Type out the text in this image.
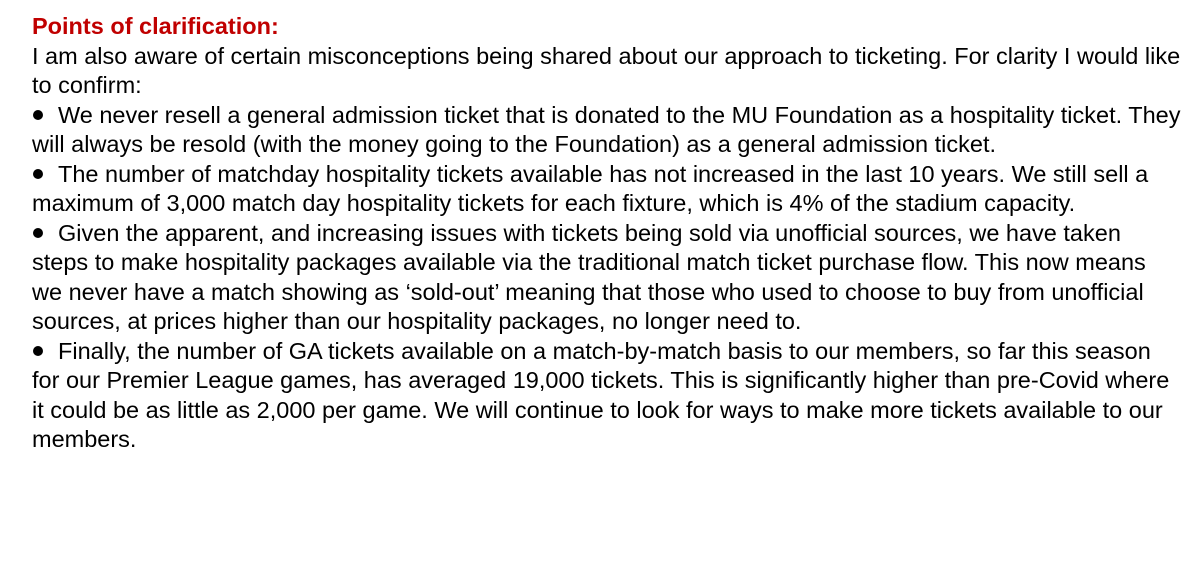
Points of clarification:

I am also aware of certain misconceptions being shared about our approach to ticketing. For clarity I would like to confirm:

We never resell a general admission ticket that is donated to the MU Foundation as a hospitality ticket. They will always be resold (with the money going to the Foundation) as a general admission ticket.
The number of matchday hospitality tickets available has not increased in the last 10 years. We still sell a maximum of 3,000 match day hospitality tickets for each fixture, which is 4% of the stadium capacity.
Given the apparent, and increasing issues with tickets being sold via unofficial sources, we have taken steps to make hospitality packages available via the traditional match ticket purchase flow. This now means we never have a match showing as ‘sold-out’ meaning that those who used to choose to buy from unofficial sources, at prices higher than our hospitality packages, no longer need to.
Finally, the number of GA tickets available on a match-by-match basis to our members, so far this season for our Premier League games, has averaged 19,000 tickets. This is significantly higher than pre-Covid where it could be as little as 2,000 per game. We will continue to look for ways to make more tickets available to our members.
